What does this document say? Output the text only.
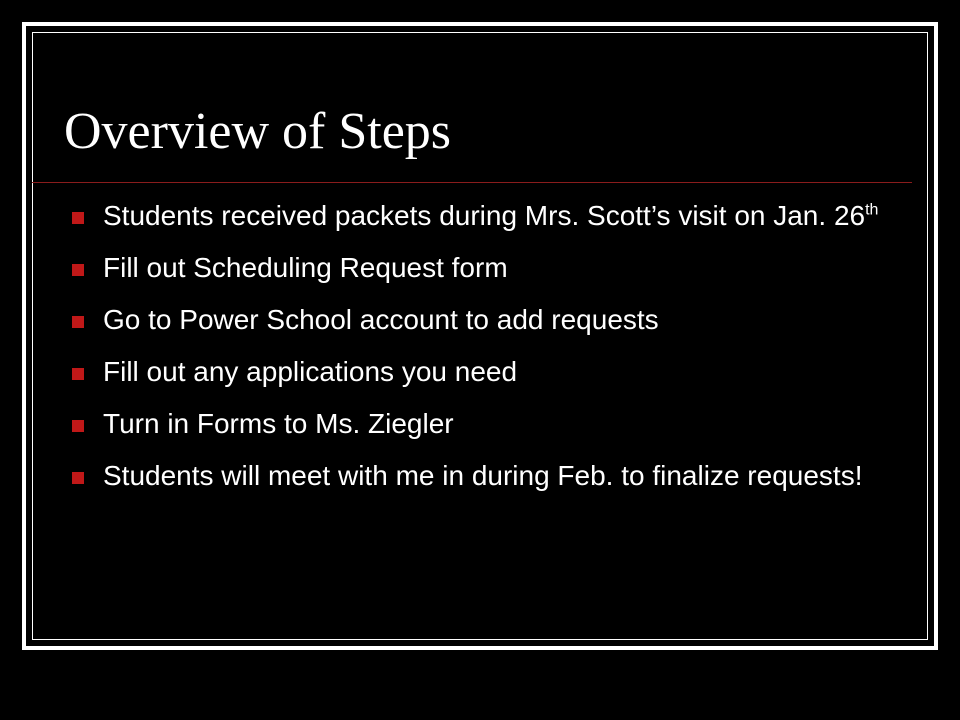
Overview of Steps
Students received packets during Mrs. Scott’s visit on Jan. 26th
Fill out Scheduling Request form
Go to Power School account to add requests
Fill out any applications you need
Turn in Forms to Ms. Ziegler
Students will meet with me in during Feb. to finalize requests!
